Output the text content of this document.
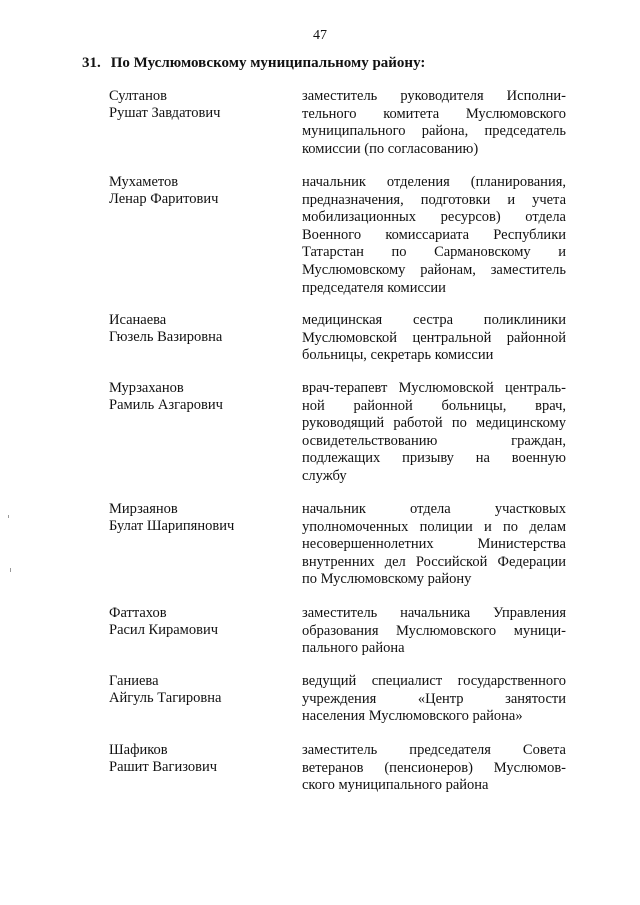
47
31. По Муслюмовскому муниципальному району:
Султанов
Рушат Завдатович
заместитель руководителя Исполни-
тельного комитета Муслюмовского
муниципального района, председатель
комиссии (по согласованию)
Мухаметов
Ленар Фаритович
начальник отделения (планирования,
предназначения, подготовки и учета
мобилизационных ресурсов) отдела
Военного комиссариата Республики
Татарстан по Сармановскому и
Муслюмовскому районам, заместитель
председателя комиссии
Исанаева
Гюзель Вазировна
медицинская сестра поликлиники
Муслюмовской центральной районной
больницы, секретарь комиссии
Мурзаханов
Рамиль Азгарович
врач-терапевт Муслюмовской централь-
ной районной больницы, врач,
руководящий работой по медицинскому
освидетельствованию граждан,
подлежащих призыву на военную
службу
Мирзаянов
Булат Шарипянович
начальник отдела участковых
уполномоченных полиции и по делам
несовершеннолетних Министерства
внутренних дел Российской Федерации
по Муслюмовскому району
Фаттахов
Расил Кирамович
заместитель начальника Управления
образования Муслюмовского муници-
пального района
Ганиева
Айгуль Тагировна
ведущий специалист государственного
учреждения «Центр занятости
населения Муслюмовского района»
Шафиков
Рашит Вагизович
заместитель председателя Совета
ветеранов (пенсионеров) Муслюмов-
ского муниципального района
